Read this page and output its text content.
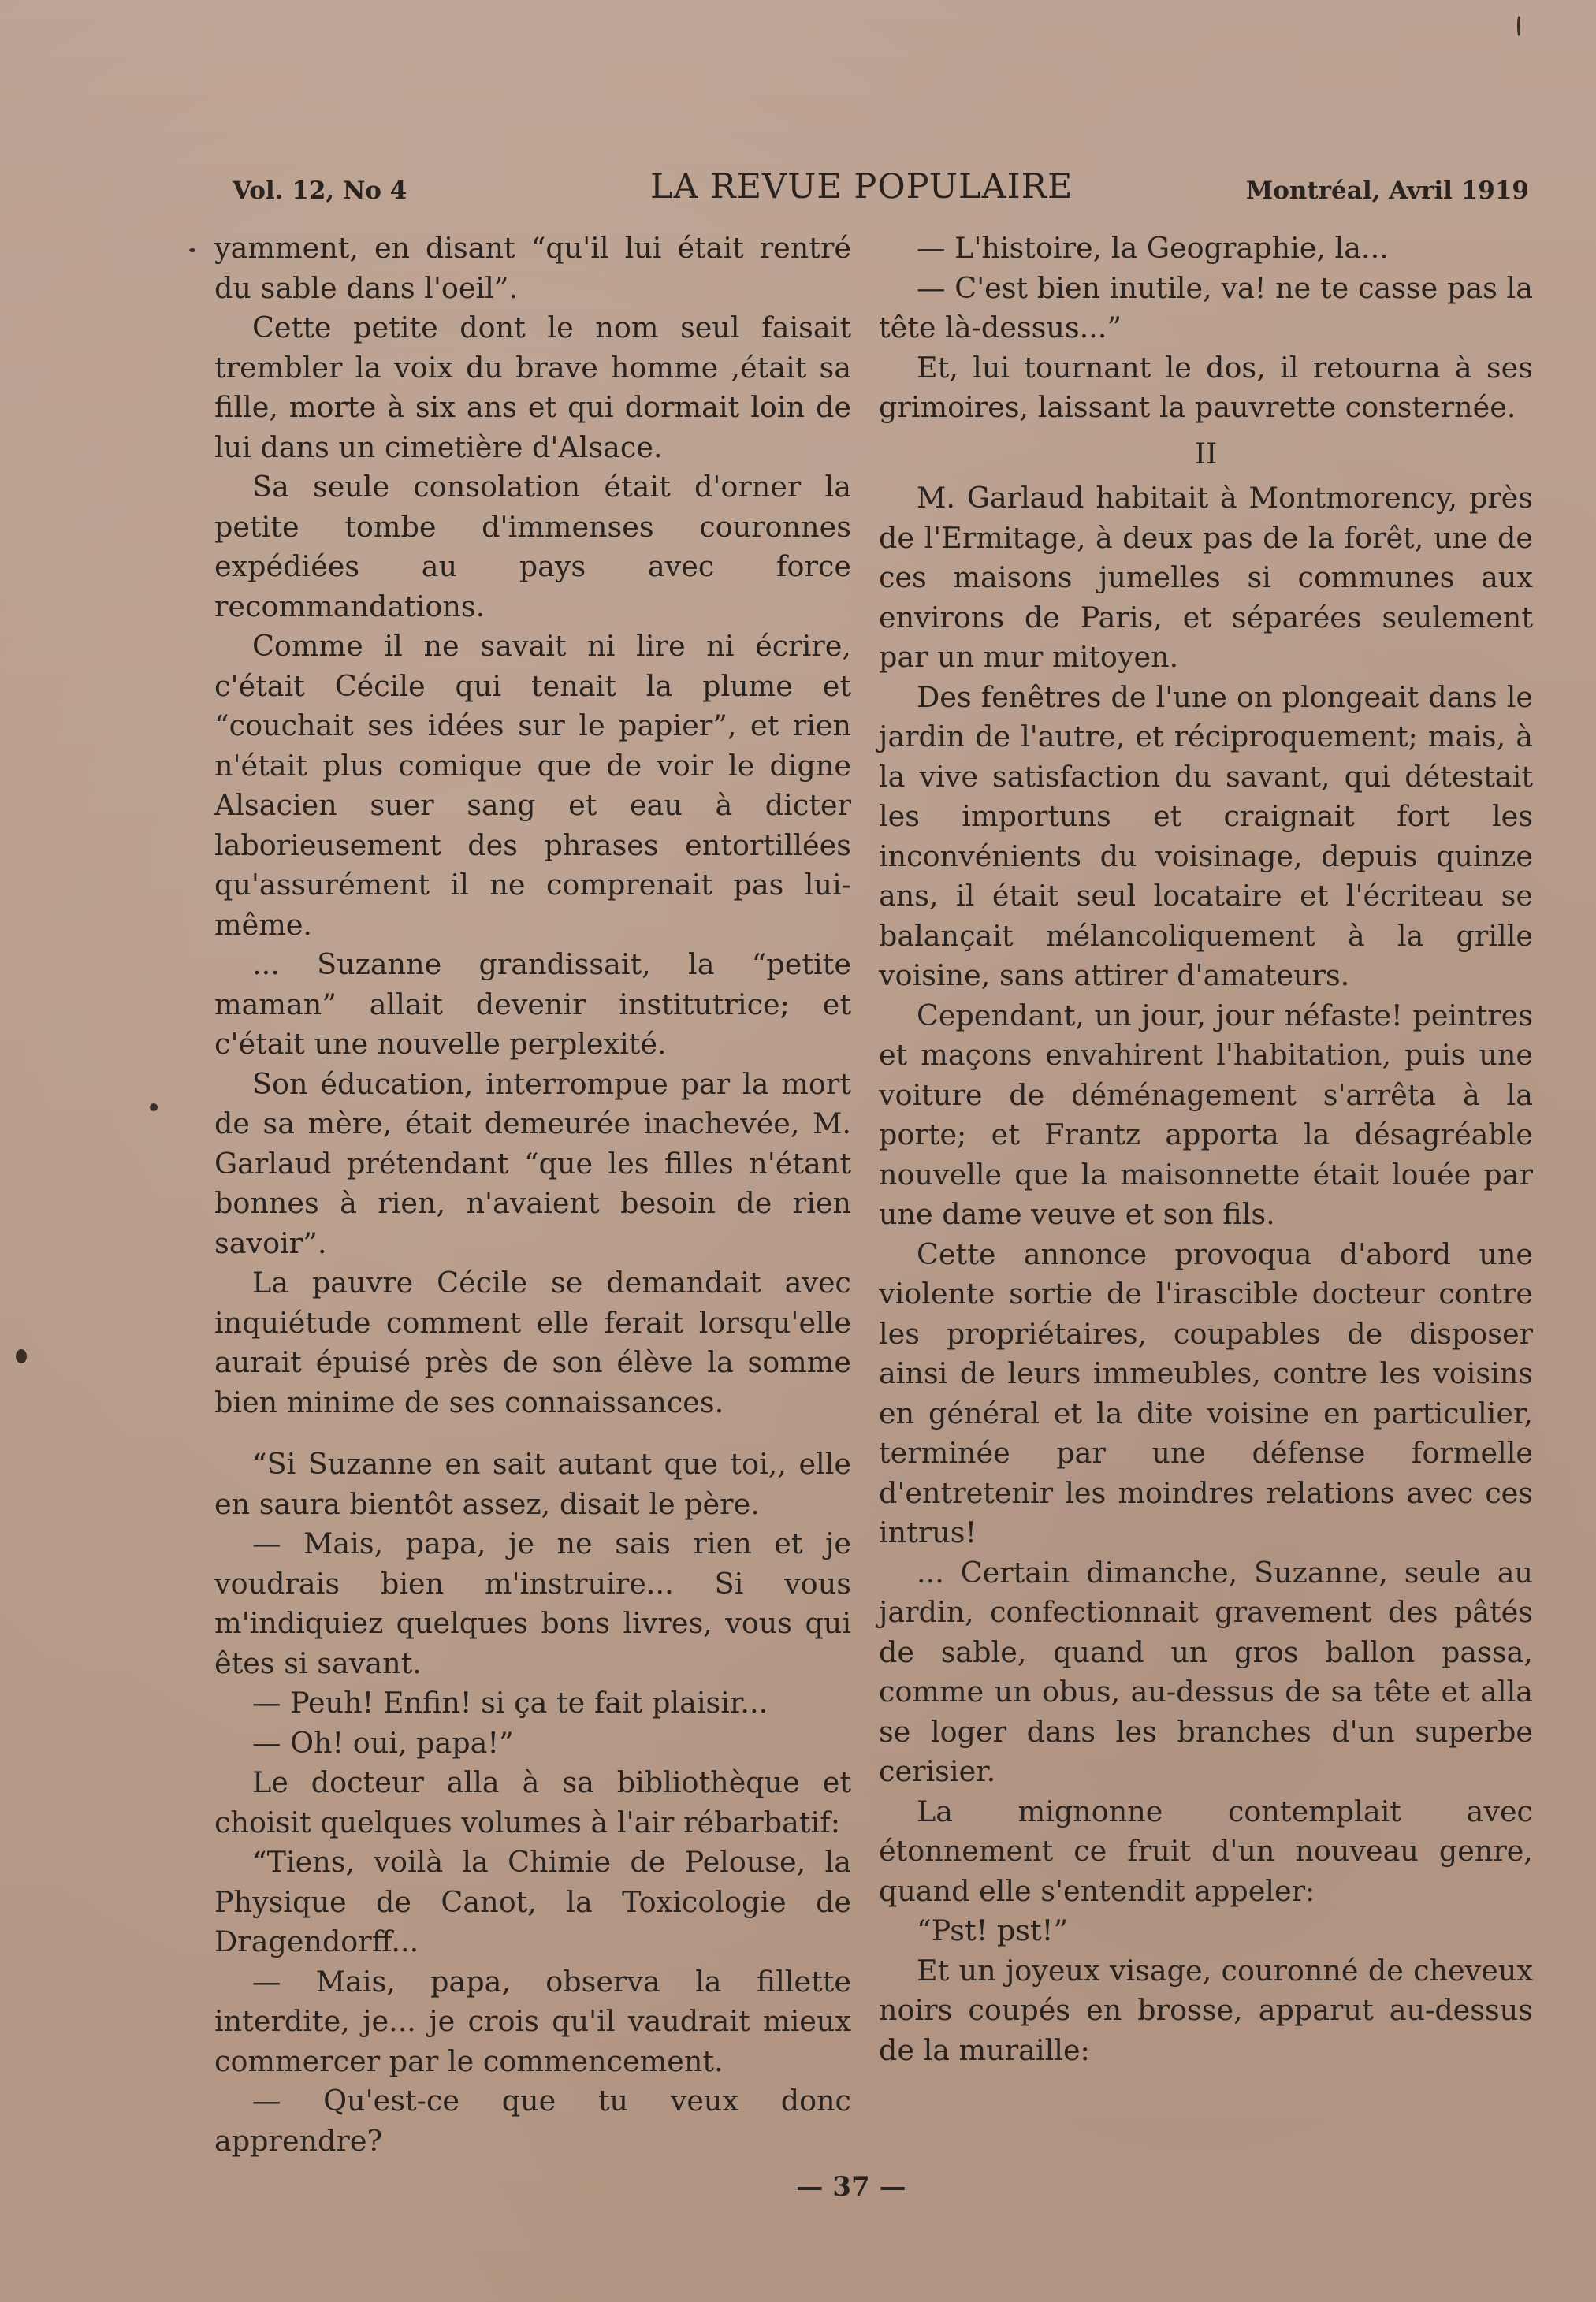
Vol. 12, No 4	LA REVUE POPULAIRE	Montréal, Avril 1919

yamment, en disant “qu'il lui était rentré du sable dans l'oeil”.

Cette petite dont le nom seul faisait trembler la voix du brave homme ,était sa fille, morte à six ans et qui dormait loin de lui dans un cimetière d'Alsace.

Sa seule consolation était d'orner la petite tombe d'immenses couronnes expédiées au pays avec force recommandations.

Comme il ne savait ni lire ni écrire, c'était Cécile qui tenait la plume et “couchait ses idées sur le papier”, et rien n'était plus comique que de voir le digne Alsacien suer sang et eau à dicter laborieusement des phrases entortillées qu'assurément il ne comprenait pas lui-même.

... Suzanne grandissait, la “petite maman” allait devenir institutrice; et c'était une nouvelle perplexité.

Son éducation, interrompue par la mort de sa mère, était demeurée inachevée, M. Garlaud prétendant “que les filles n'étant bonnes à rien, n'avaient besoin de rien savoir”.

La pauvre Cécile se demandait avec inquiétude comment elle ferait lorsqu'elle aurait épuisé près de son élève la somme bien minime de ses connaissances.

“Si Suzanne en sait autant que toi,, elle en saura bientôt assez, disait le père.

— Mais, papa, je ne sais rien et je voudrais bien m'instruire... Si vous m'indiquiez quelques bons livres, vous qui êtes si savant.

— Peuh! Enfin! si ça te fait plaisir...

— Oh! oui, papa!”

Le docteur alla à sa bibliothèque et choisit quelques volumes à l'air rébarbatif:

“Tiens, voilà la Chimie de Pelouse, la Physique de Canot, la Toxicologie de Dragendorff...

— Mais, papa, observa la fillette interdite, je... je crois qu'il vaudrait mieux commercer par le commencement.

— Qu'est-ce que tu veux donc apprendre?

— L'histoire, la Geographie, la...

— C'est bien inutile, va! ne te casse pas la tête là-dessus...”

Et, lui tournant le dos, il retourna à ses grimoires, laissant la pauvrette consternée.

II

M. Garlaud habitait à Montmorency, près de l'Ermitage, à deux pas de la forêt, une de ces maisons jumelles si communes aux environs de Paris, et séparées seulement par un mur mitoyen.

Des fenêtres de l'une on plongeait dans le jardin de l'autre, et réciproquement; mais, à la vive satisfaction du savant, qui détestait les importuns et craignait fort les inconvénients du voisinage, depuis quinze ans, il était seul locataire et l'écriteau se balançait mélancoliquement à la grille voisine, sans attirer d'amateurs.

Cependant, un jour, jour néfaste! peintres et maçons envahirent l'habitation, puis une voiture de déménagement s'arrêta à la porte; et Frantz apporta la désagréable nouvelle que la maisonnette était louée par une dame veuve et son fils.

Cette annonce provoqua d'abord une violente sortie de l'irascible docteur contre les propriétaires, coupables de disposer ainsi de leurs immeubles, contre les voisins en général et la dite voisine en particulier, terminée par une défense formelle d'entretenir les moindres relations avec ces intrus!

... Certain dimanche, Suzanne, seule au jardin, confectionnait gravement des pâtés de sable, quand un gros ballon passa, comme un obus, au-dessus de sa tête et alla se loger dans les branches d'un superbe cerisier.

La mignonne contemplait avec étonnement ce fruit d'un nouveau genre, quand elle s'entendit appeler:

“Pst! pst!”

Et un joyeux visage, couronné de cheveux noirs coupés en brosse, apparut au-dessus de la muraille:

— 37 —
